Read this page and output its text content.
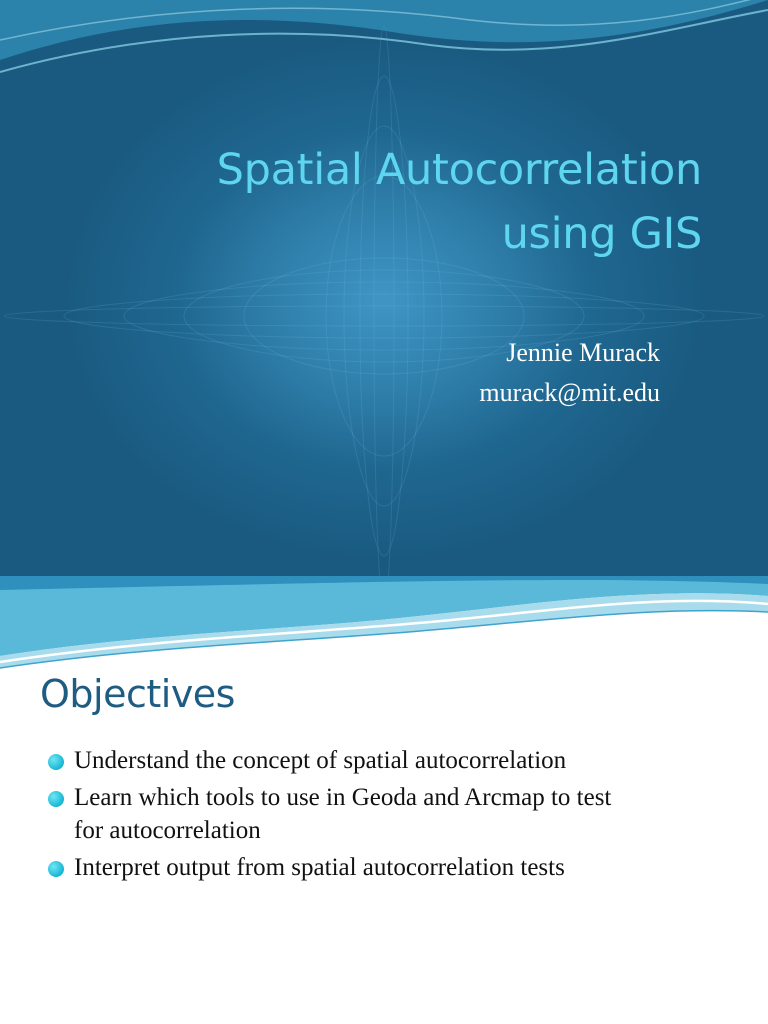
Spatial Autocorrelation
using GIS
Jennie Murack
murack@mit.edu
Objectives
Understand the concept of spatial autocorrelation
Learn which tools to use in Geoda and Arcmap to test
for autocorrelation
Interpret output from spatial autocorrelation tests
